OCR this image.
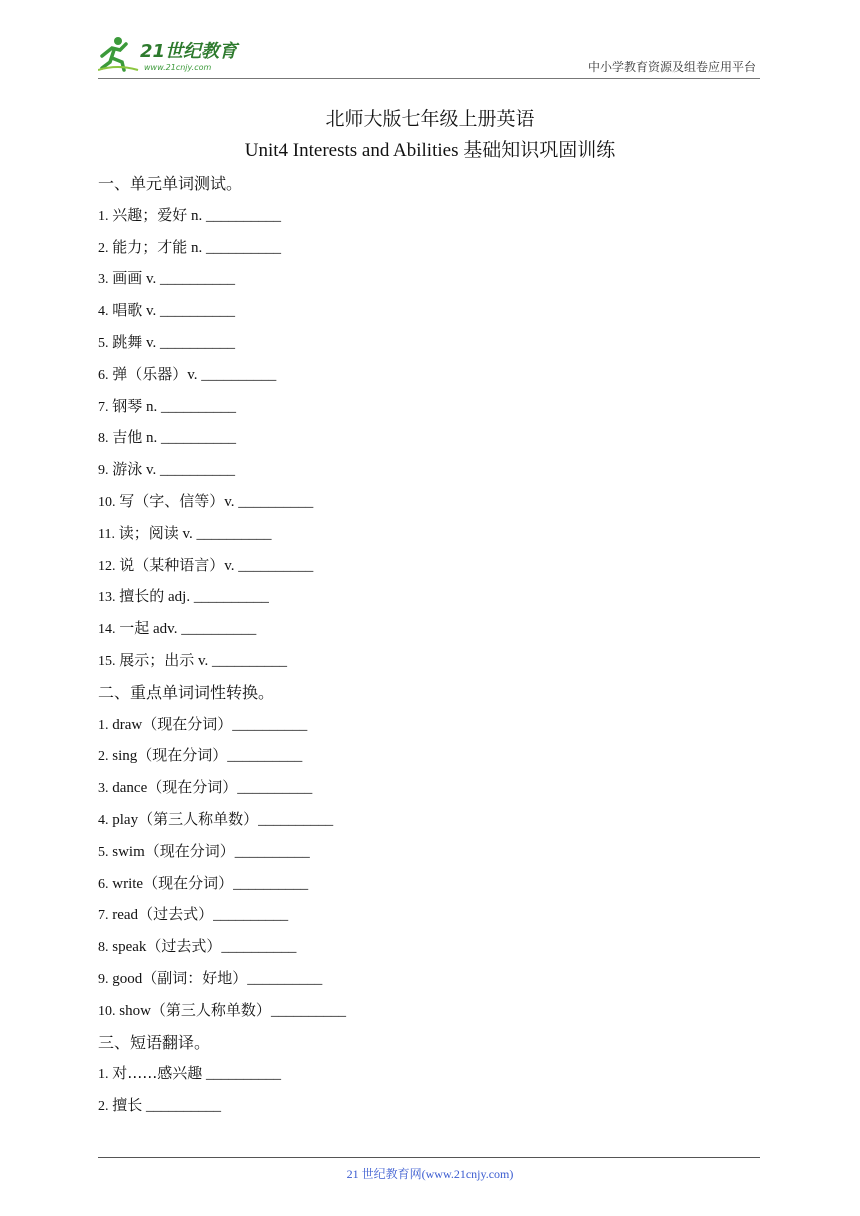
21世纪教育
www.21cnjy.com	中小学教育资源及组卷应用平台
北师大版七年级上册英语
Unit4 Interests and Abilities 基础知识巩固训练
一、单元单词测试。
1. 兴趣；爱好 n. __________
2. 能力；才能 n. __________
3. 画画 v. __________
4. 唱歌 v. __________
5. 跳舞 v. __________
6. 弹（乐器）v. __________
7. 钢琴 n. __________
8. 吉他 n. __________
9. 游泳 v. __________
10. 写（字、信等）v. __________
11. 读；阅读 v. __________
12. 说（某种语言）v. __________
13. 擅长的 adj. __________
14. 一起 adv. __________
15. 展示；出示 v. __________
二、重点单词词性转换。
1. draw（现在分词）__________
2. sing（现在分词）__________
3. dance（现在分词）__________
4. play（第三人称单数）__________
5. swim（现在分词）__________
6. write（现在分词）__________
7. read（过去式）__________
8. speak（过去式）__________
9. good（副词：好地）__________
10. show（第三人称单数）__________
三、短语翻译。
1. 对……感兴趣 __________
2. 擅长 __________
21 世纪教育网(www.21cnjy.com)
